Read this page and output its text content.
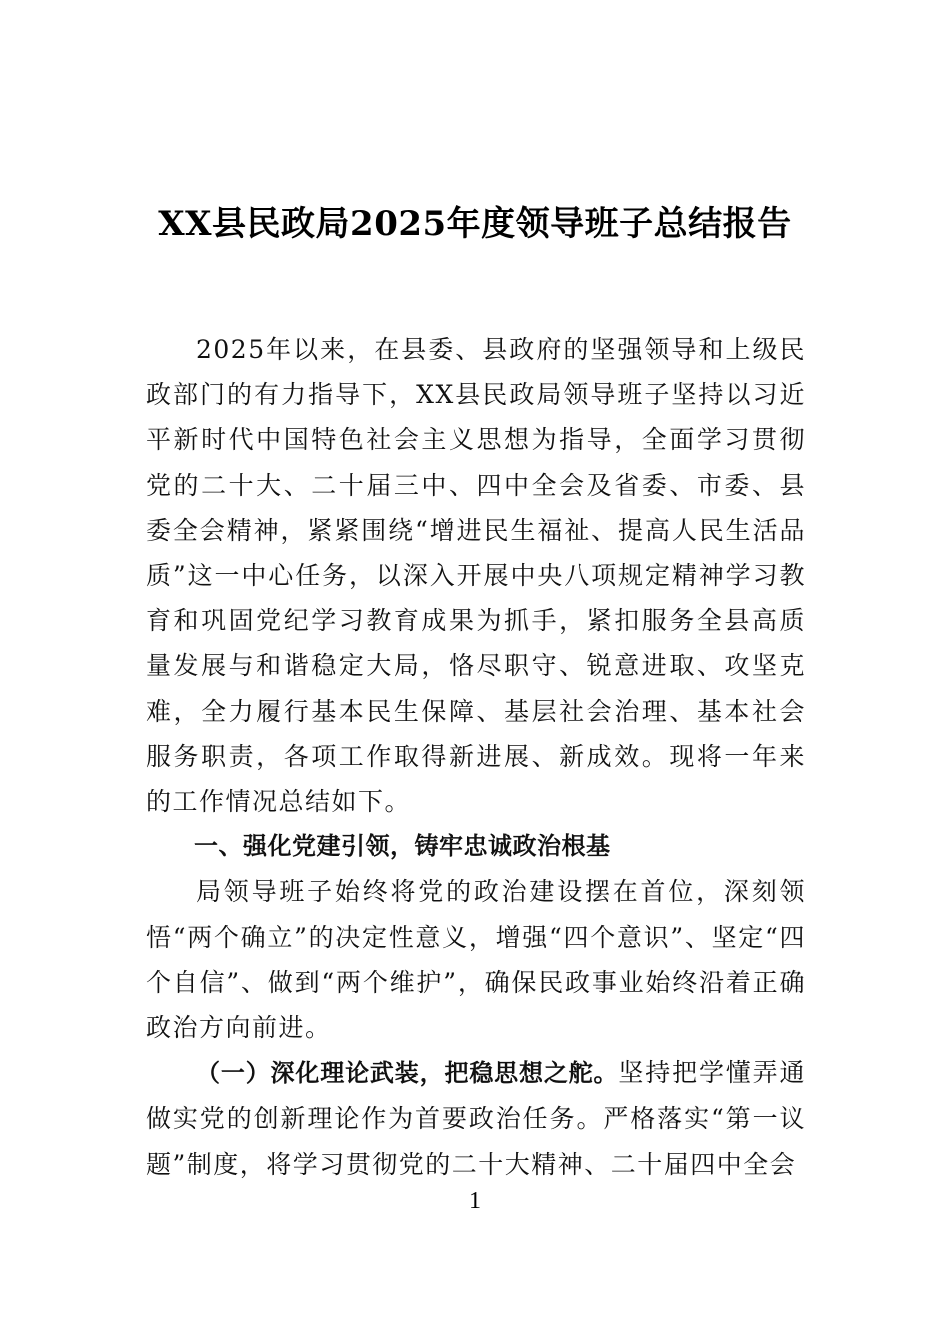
XX县民政局2025年度领导班子总结报告

2025年以来，在县委、县政府的坚强领导和上级民政部门的有力指导下，XX县民政局领导班子坚持以习近平新时代中国特色社会主义思想为指导，全面学习贯彻党的二十大、二十届三中、四中全会及省委、市委、县委全会精神，紧紧围绕“增进民生福祉、提高人民生活品质”这一中心任务，以深入开展中央八项规定精神学习教育和巩固党纪学习教育成果为抓手，紧扣服务全县高质量发展与和谐稳定大局，恪尽职守、锐意进取、攻坚克难，全力履行基本民生保障、基层社会治理、基本社会服务职责，各项工作取得新进展、新成效。现将一年来的工作情况总结如下。

一、强化党建引领，铸牢忠诚政治根基

局领导班子始终将党的政治建设摆在首位，深刻领悟“两个确立”的决定性意义，增强“四个意识”、坚定“四个自信”、做到“两个维护”，确保民政事业始终沿着正确政治方向前进。

（一）深化理论武装，把稳思想之舵。坚持把学懂弄通做实党的创新理论作为首要政治任务。严格落实“第一议题”制度，将学习贯彻党的二十大精神、二十届四中全会

1
